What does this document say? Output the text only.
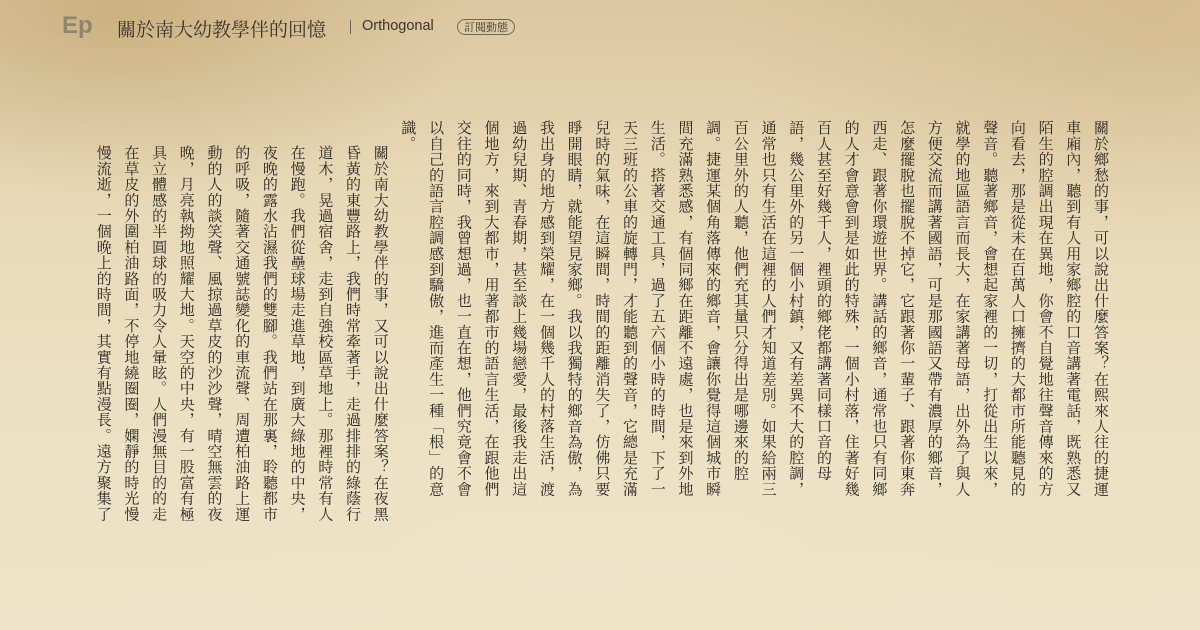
Ep 關於南大幼教學伴的回憶 Orthogonal	訂閱動態
關於鄉愁的事，可以說出什麼答案？在熙來人往的捷運
車廂內，聽到有人用家鄉腔的口音講著電話，既熟悉又
陌生的腔調出現在異地，你會不自覺地往聲音傳來的方
向看去，那是從未在百萬人口擁擠的大都市所能聽見的
聲音。聽著鄉音，會想起家裡的一切，打從出生以來，
就學的地區語言而長大，在家講著母語，出外為了與人
方便交流而講著國語，可是那國語又帶有濃厚的鄉音，
怎麼擺脫也擺脫不掉它，它跟著你一輩子、跟著你東奔
西走、跟著你環遊世界。講話的鄉音，通常也只有同鄉
的人才會意會到是如此的特殊，一個小村落，住著好幾
百人甚至好幾千人，裡頭的鄉佬都講著同樣口音的母
語，幾公里外的另一個小村鎮，又有差異不大的腔調，
通常也只有生活在這裡的人們才知道差別。如果給兩三
百公里外的人聽，他們充其量只分得出是哪邊來的腔
調。捷運某個角落傳來的鄉音，會讓你覺得這個城市瞬
間充滿熟悉感，有個同鄉在距離不遠處，也是來到外地
生活。搭著交通工具，過了五六個小時的時間，下了一
天三班的公車的旋轉門，才能聽到的聲音，它總是充滿
兒時的氣味，在這瞬間，時間的距離消失了，仿佛只要
睜開眼睛，就能望見家鄉。我以我獨特的鄉音為傲，為
我出身的地方感到榮耀，在一個幾千人的村落生活，渡
過幼兒期、青春期，甚至談上幾場戀愛，最後我走出這
個地方，來到大都市，用著都市的語言生活，在跟他們
交往的同時，我曾想過，也一直在想，他們究竟會不會
以自己的語言腔調感到驕傲，進而產生一種「根」的意
識。
關於南大幼教學伴的事，又可以說出什麼答案？在夜黑
昏黃的東豐路上，我們時常牽著手，走過排排的綠蔭行
道木，晃過宿舍，走到自強校區草地上。那裡時常有人
在慢跑。我們從壘球場走進草地，到廣大綠地的中央，
夜晚的露水沾濕我們的雙腳。我們站在那裏，聆聽都市
的呼吸，隨著交通號誌變化的車流聲、周遭柏油路上運
動的人的談笑聲、風掠過草皮的沙沙聲，晴空無雲的夜
晚，月亮執拗地照耀大地。天空的中央，有一股富有極
具立體感的半圓球的吸力令人暈眩。人們漫無目的的走
在草皮的外圍柏油路面，不停地繞圈圈，嫻靜的時光慢
慢流逝，一個晚上的時間，其實有點漫長。遠方聚集了
